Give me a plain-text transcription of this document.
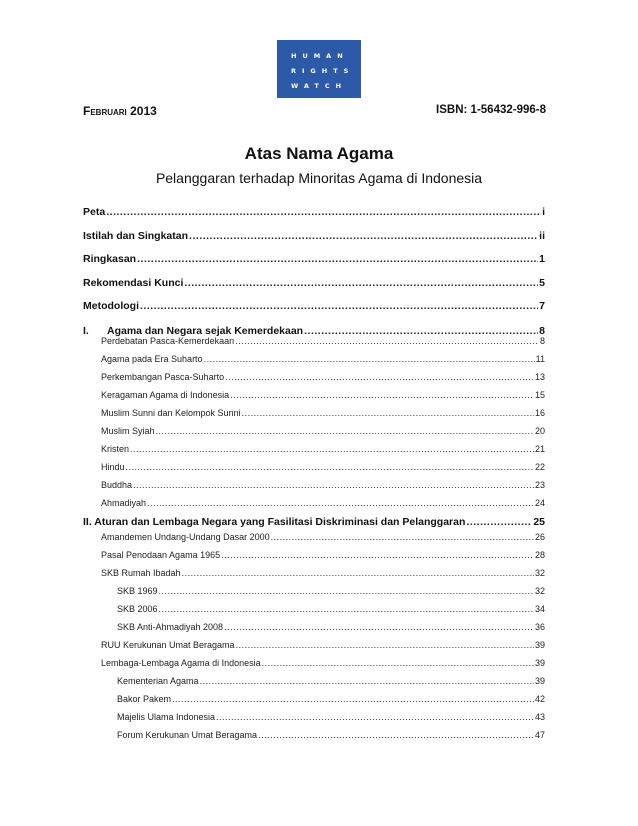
HUMAN
RIGHTS
WATCH
Februari 2013	ISBN: 1-56432-996-8
Atas Nama Agama
Pelanggaran terhadap Minoritas Agama di Indonesia
Peta .....	i
Istilah dan Singkatan .....	ii
Ringkasan .....	1
Rekomendasi Kunci .....	5
Metodologi .....	7
I.	Agama dan Negara sejak Kemerdekaan .....	8
Perdebatan Pasca-Kemerdekaan .....	8
Agama pada Era Suharto .....	11
Perkembangan Pasca-Suharto .....	13
Keragaman Agama di Indonesia .....	15
Muslim Sunni dan Kelompok Sunni .....	16
Muslim Syiah .....	20
Kristen .....	21
Hindu .....	22
Buddha .....	23
Ahmadiyah .....	24
II. Aturan dan Lembaga Negara yang Fasilitasi Diskriminasi dan Pelanggaran .....	25
Amandemen Undang-Undang Dasar 2000 .....	26
Pasal Penodaan Agama 1965 .....	28
SKB Rumah Ibadah .....	32
SKB 1969 .....	32
SKB 2006 .....	34
SKB Anti-Ahmadiyah 2008 .....	36
RUU Kerukunan Umat Beragama .....	39
Lembaga-Lembaga Agama di Indonesia .....	39
Kementerian Agama .....	39
Bakor Pakem .....	42
Majelis Ulama Indonesia .....	43
Forum Kerukunan Umat Beragama .....	47
